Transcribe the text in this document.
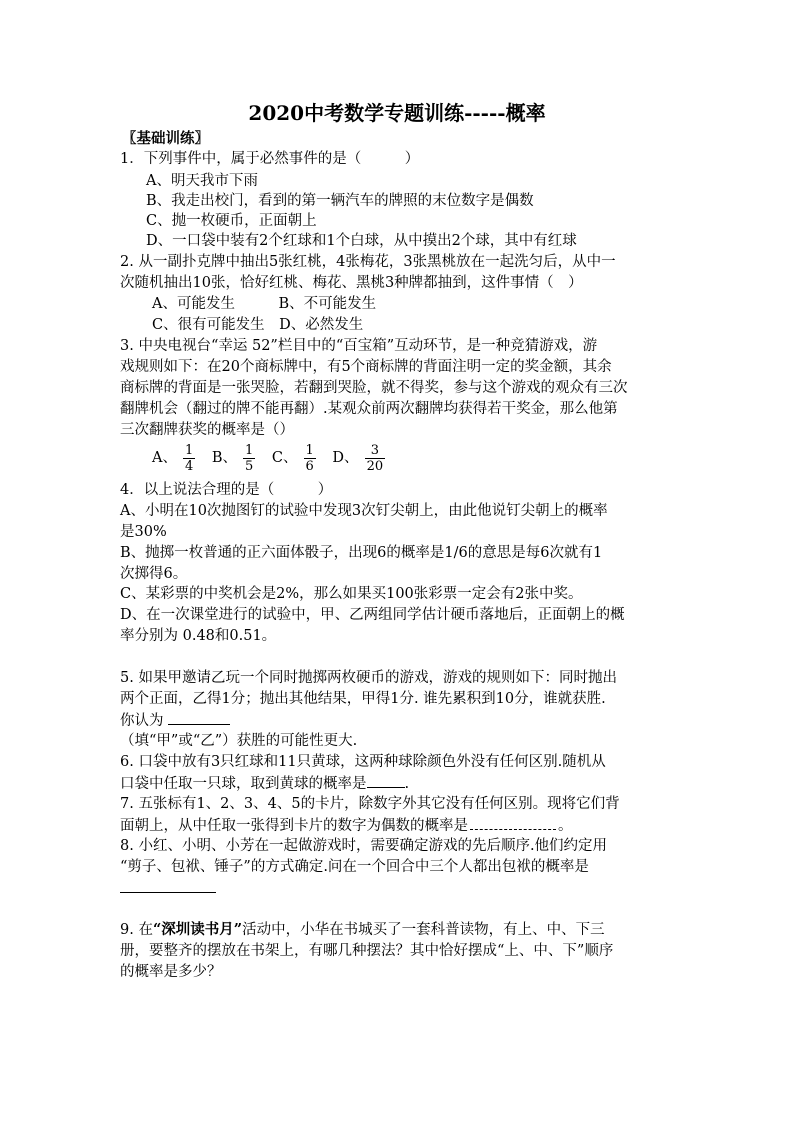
2020中考数学专题训练-----概率
〖基础训练〗
1．下列事件中，属于必然事件的是（　　　）
A、明天我市下雨
B、我走出校门，看到的第一辆汽车的牌照的末位数字是偶数
C、抛一枚硬币，正面朝上
D、一口袋中装有2个红球和1个白球，从中摸出2个球，其中有红球
2. 从一副扑克牌中抽出5张红桃，4张梅花，3张黑桃放在一起洗匀后，从中一
次随机抽出10张，恰好红桃、梅花、黑桃3种牌都抽到，这件事情（　）
A、可能发生　　　B、不可能发生
C、很有可能发生　D、必然发生
3. 中央电视台“幸运 52”栏目中的“百宝箱”互动环节，是一种竞猜游戏，游
戏规则如下：在20个商标牌中，有5个商标牌的背面注明一定的奖金额，其余
商标牌的背面是一张哭脸，若翻到哭脸，就不得奖，参与这个游戏的观众有三次
翻牌机会（翻过的牌不能再翻）.某观众前两次翻牌均获得若干奖金，那么他第
三次翻牌获奖的概率是（）
A、 $\frac{1}{4}$ B、 $\frac{1}{5}$ C、 $\frac{1}{6}$ D、 $\frac{3}{20}$
4．以上说法合理的是（　　　）
A、小明在10次抛图钉的试验中发现3次钉尖朝上，由此他说钉尖朝上的概率
是30%
B、抛掷一枚普通的正六面体骰子，出现6的概率是1/6的意思是每6次就有1
次掷得6。
C、某彩票的中奖机会是2%，那么如果买100张彩票一定会有2张中奖。
D、在一次课堂进行的试验中，甲、乙两组同学估计硬币落地后，正面朝上的概
率分别为 0.48和0.51。
5. 如果甲邀请乙玩一个同时抛掷两枚硬币的游戏，游戏的规则如下：同时抛出
两个正面，乙得1分；抛出其他结果，甲得1分. 谁先累积到10分，谁就获胜.
你认为
（填“甲”或“乙”）获胜的可能性更大.
6. 口袋中放有3只红球和11只黄球，这两种球除颜色外没有任何区别.随机从
口袋中任取一只球，取到黄球的概率是	.
7. 五张标有1、2、3、4、5的卡片，除数字外其它没有任何区别。现将它们背
面朝上，从中任取一张得到卡片的数字为偶数的概率是	。
8. 小红、小明、小芳在一起做游戏时，需要确定游戏的先后顺序.他们约定用
“剪子、包袱、锤子”的方式确定.问在一个回合中三个人都出包袱的概率是
9. 在“深圳读书月”活动中，小华在书城买了一套科普读物，有上、中、下三
册，要整齐的摆放在书架上，有哪几种摆法？其中恰好摆成“上、中、下”顺序
的概率是多少？
